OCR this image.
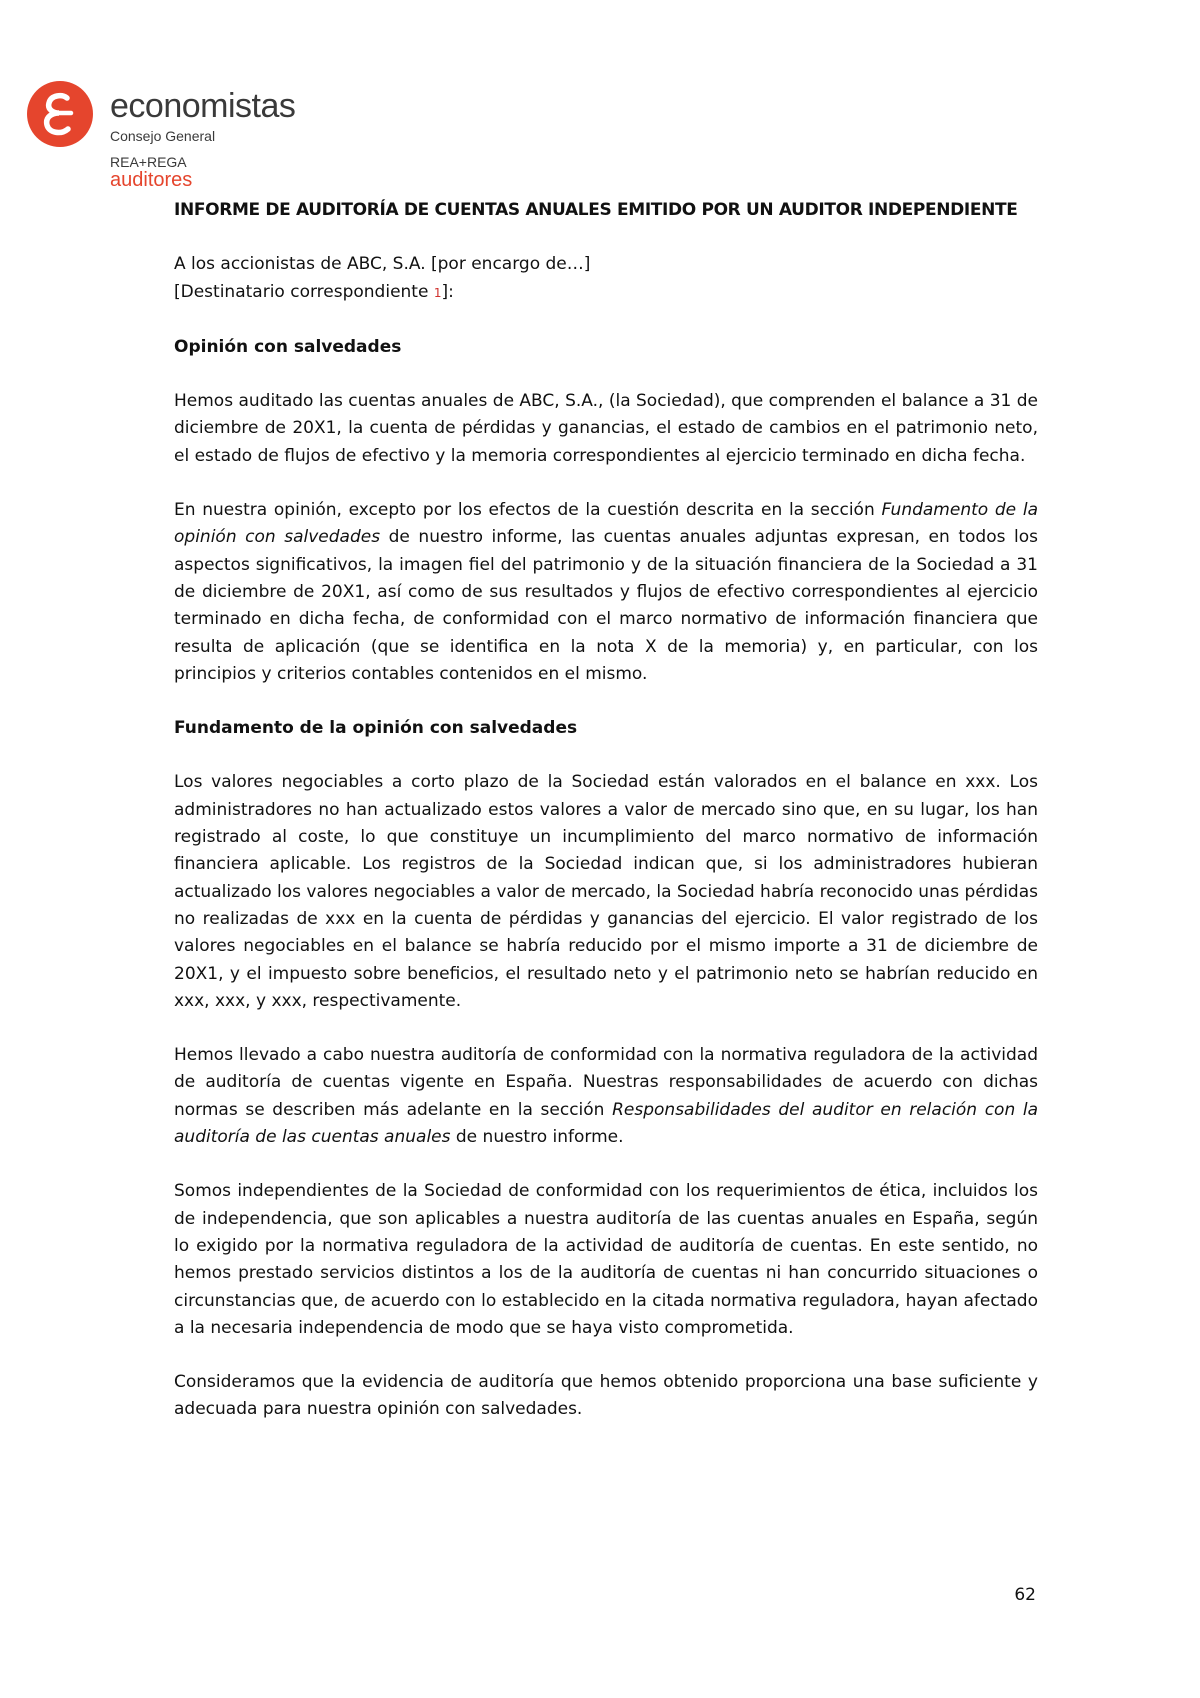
economistas
Consejo General
REA+REGA
auditores
INFORME DE AUDITORÍA DE CUENTAS ANUALES EMITIDO POR UN AUDITOR INDEPENDIENTE
A los accionistas de ABC, S.A. [por encargo de…]
[Destinatario correspondiente 1]:
Opinión con salvedades

Hemos auditado las cuentas anuales de ABC, S.A., (la Sociedad), que comprenden el balance a 31 de diciembre de 20X1, la cuenta de pérdidas y ganancias, el estado de cambios en el patrimonio neto, el estado de flujos de efectivo y la memoria correspondientes al ejercicio terminado en dicha fecha.

En nuestra opinión, excepto por los efectos de la cuestión descrita en la sección Fundamento de la opinión con salvedades de nuestro informe, las cuentas anuales adjuntas expresan, en todos los aspectos significativos, la imagen fiel del patrimonio y de la situación financiera de la Sociedad a 31 de diciembre de 20X1, así como de sus resultados y flujos de efectivo correspondientes al ejercicio terminado en dicha fecha, de conformidad con el marco normativo de información financiera que resulta de aplicación (que se identifica en la nota X de la memoria) y, en particular, con los principios y criterios contables contenidos en el mismo.

Fundamento de la opinión con salvedades

Los valores negociables a corto plazo de la Sociedad están valorados en el balance en xxx. Los administradores no han actualizado estos valores a valor de mercado sino que, en su lugar, los han registrado al coste, lo que constituye un incumplimiento del marco normativo de información financiera aplicable. Los registros de la Sociedad indican que, si los administradores hubieran actualizado los valores negociables a valor de mercado, la Sociedad habría reconocido unas pérdidas no realizadas de xxx en la cuenta de pérdidas y ganancias del ejercicio. El valor registrado de los valores negociables en el balance se habría reducido por el mismo importe a 31 de diciembre de 20X1, y el impuesto sobre beneficios, el resultado neto y el patrimonio neto se habrían reducido en xxx, xxx, y xxx, respectivamente.

Hemos llevado a cabo nuestra auditoría de conformidad con la normativa reguladora de la actividad de auditoría de cuentas vigente en España. Nuestras responsabilidades de acuerdo con dichas normas se describen más adelante en la sección Responsabilidades del auditor en relación con la auditoría de las cuentas anuales de nuestro informe.

Somos independientes de la Sociedad de conformidad con los requerimientos de ética, incluidos los de independencia, que son aplicables a nuestra auditoría de las cuentas anuales en España, según lo exigido por la normativa reguladora de la actividad de auditoría de cuentas. En este sentido, no hemos prestado servicios distintos a los de la auditoría de cuentas ni han concurrido situaciones o circunstancias que, de acuerdo con lo establecido en la citada normativa reguladora, hayan afectado a la necesaria independencia de modo que se haya visto comprometida.

Consideramos que la evidencia de auditoría que hemos obtenido proporciona una base suficiente y adecuada para nuestra opinión con salvedades.

62
